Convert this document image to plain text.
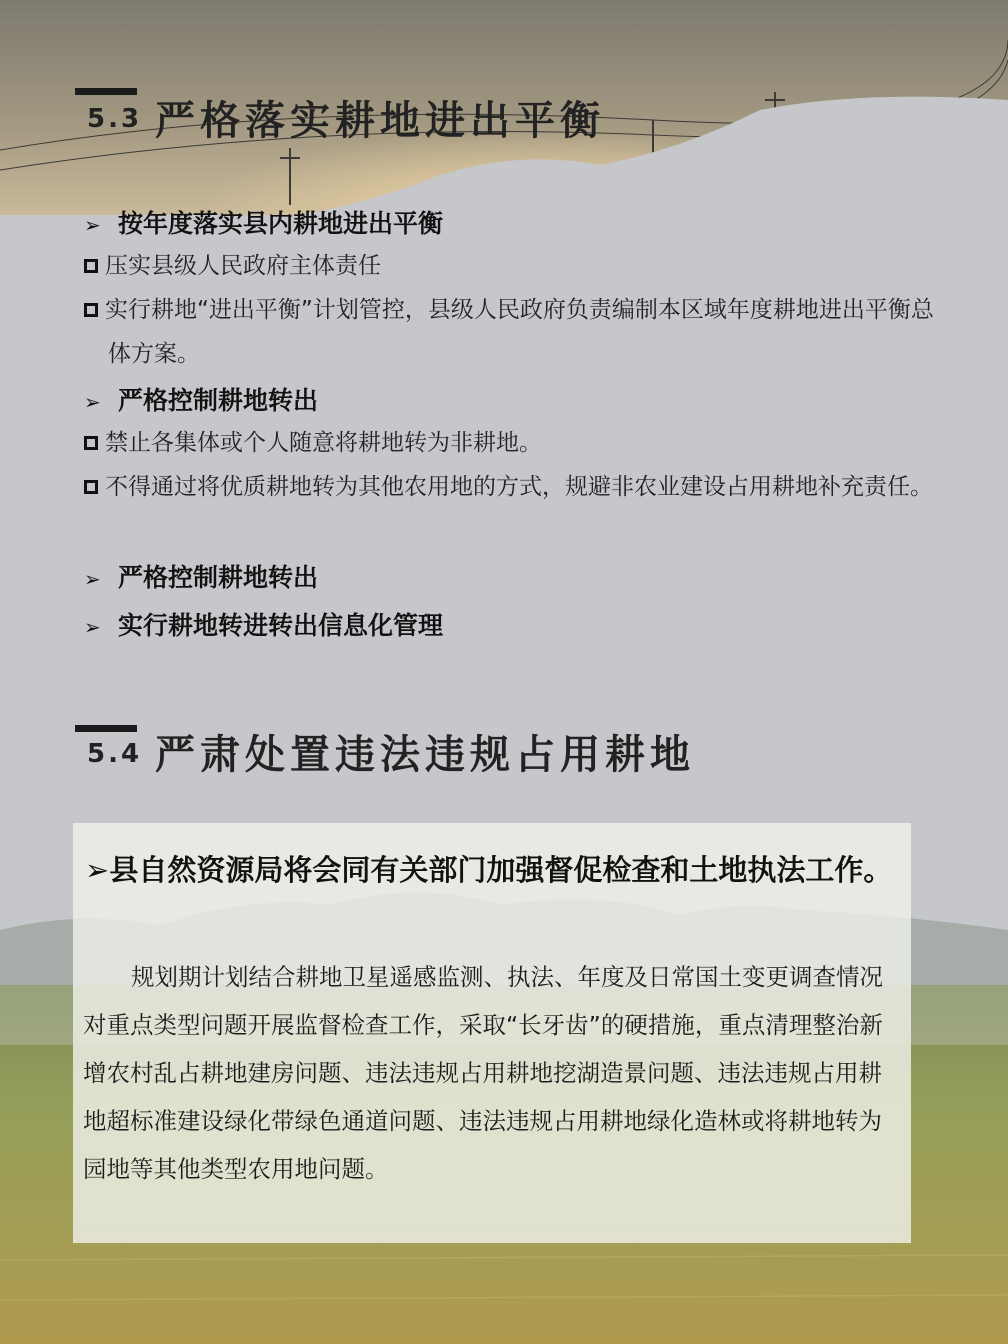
5.3 严格落实耕地进出平衡
➢ 按年度落实县内耕地进出平衡
压实县级人民政府主体责任
实行耕地“进出平衡”计划管控，县级人民政府负责编制本区域年度耕地进出平衡总体方案。
➢ 严格控制耕地转出
禁止各集体或个人随意将耕地转为非耕地。
不得通过将优质耕地转为其他农用地的方式，规避非农业建设占用耕地补充责任。
➢ 严格控制耕地转出
➢ 实行耕地转进转出信息化管理
5.4 严肃处置违法违规占用耕地
➢县自然资源局将会同有关部门加强督促检查和土地执法工作。
规划期计划结合耕地卫星遥感监测、执法、年度及日常国土变更调查情况对重点类型问题开展监督检查工作，采取“长牙齿”的硬措施，重点清理整治新增农村乱占耕地建房问题、违法违规占用耕地挖湖造景问题、违法违规占用耕地超标准建设绿化带绿色通道问题、违法违规占用耕地绿化造林或将耕地转为园地等其他类型农用地问题。
